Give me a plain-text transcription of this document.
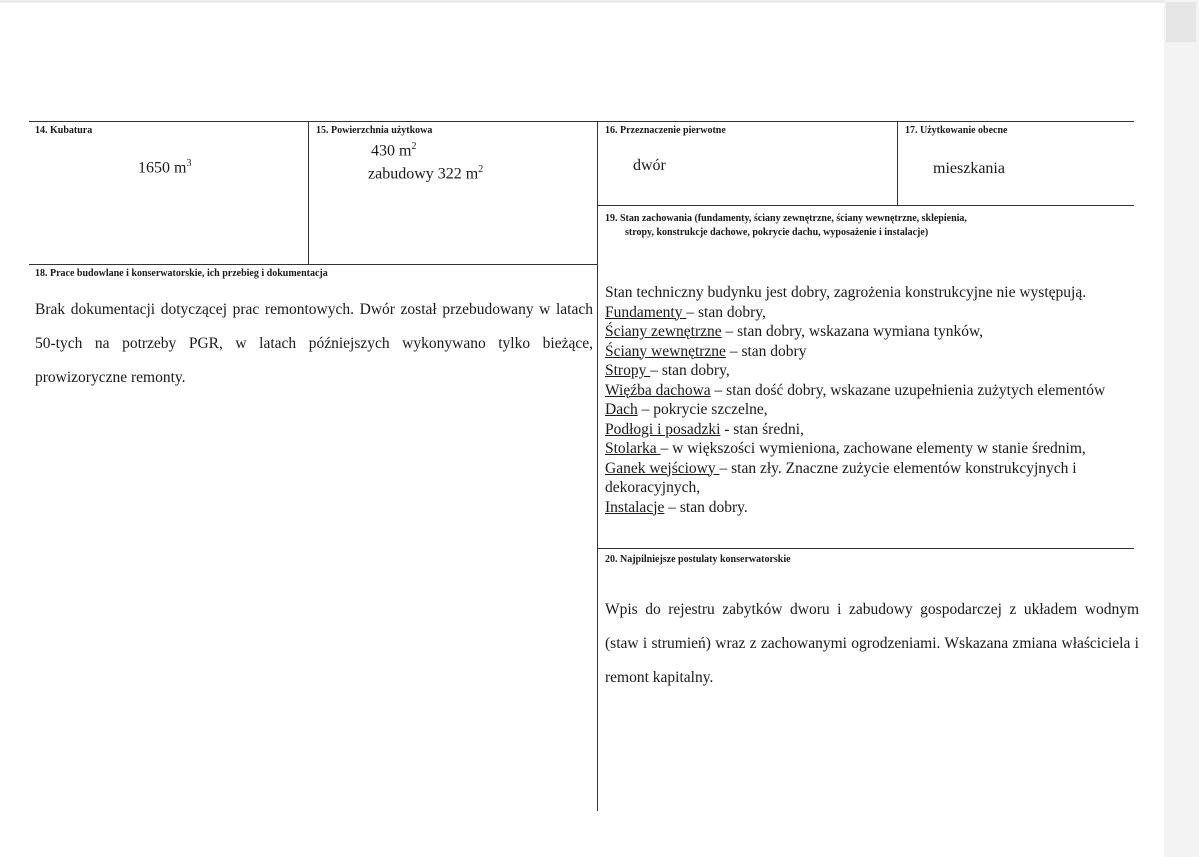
14. Kubatura
1650 $m^3$
15. Powierzchnia użytkowa
430 $m^2$
zabudowy 322 $m^2$
16. Przeznaczenie pierwotne
dwór
17. Użytkowanie obecne
mieszkania
19. Stan zachowania (fundamenty, ściany zewnętrzne, ściany wewnętrzne, sklepienia,
stropy, konstrukcje dachowe, pokrycie dachu, wyposażenie i instalacje)
Stan techniczny budynku jest dobry, zagrożenia konstrukcyjne nie występują.
Fundamenty – stan dobry,
Ściany zewnętrzne – stan dobry, wskazana wymiana tynków,
Ściany wewnętrzne – stan dobry
Stropy – stan dobry,
Więźba dachowa – stan dość dobry, wskazane uzupełnienia zużytych elementów
Dach – pokrycie szczelne,
Podłogi i posadzki - stan średni,
Stolarka – w większości wymieniona, zachowane elementy w stanie średnim,
Ganek wejściowy – stan zły. Znaczne zużycie elementów konstrukcyjnych i dekoracyjnych,
Instalacje – stan dobry.
18. Prace budowlane i konserwatorskie, ich przebieg i dokumentacja

Brak dokumentacji dotyczącej prac remontowych. Dwór został przebudowany w latach 50-tych na potrzeby PGR, w latach późniejszych wykonywano tylko bieżące, prowizoryczne remonty.

20. Najpilniejsze postulaty konserwatorskie

Wpis do rejestru zabytków dworu i zabudowy gospodarczej z układem wodnym (staw i strumień) wraz z zachowanymi ogrodzeniami. Wskazana zmiana właściciela i remont kapitalny.
